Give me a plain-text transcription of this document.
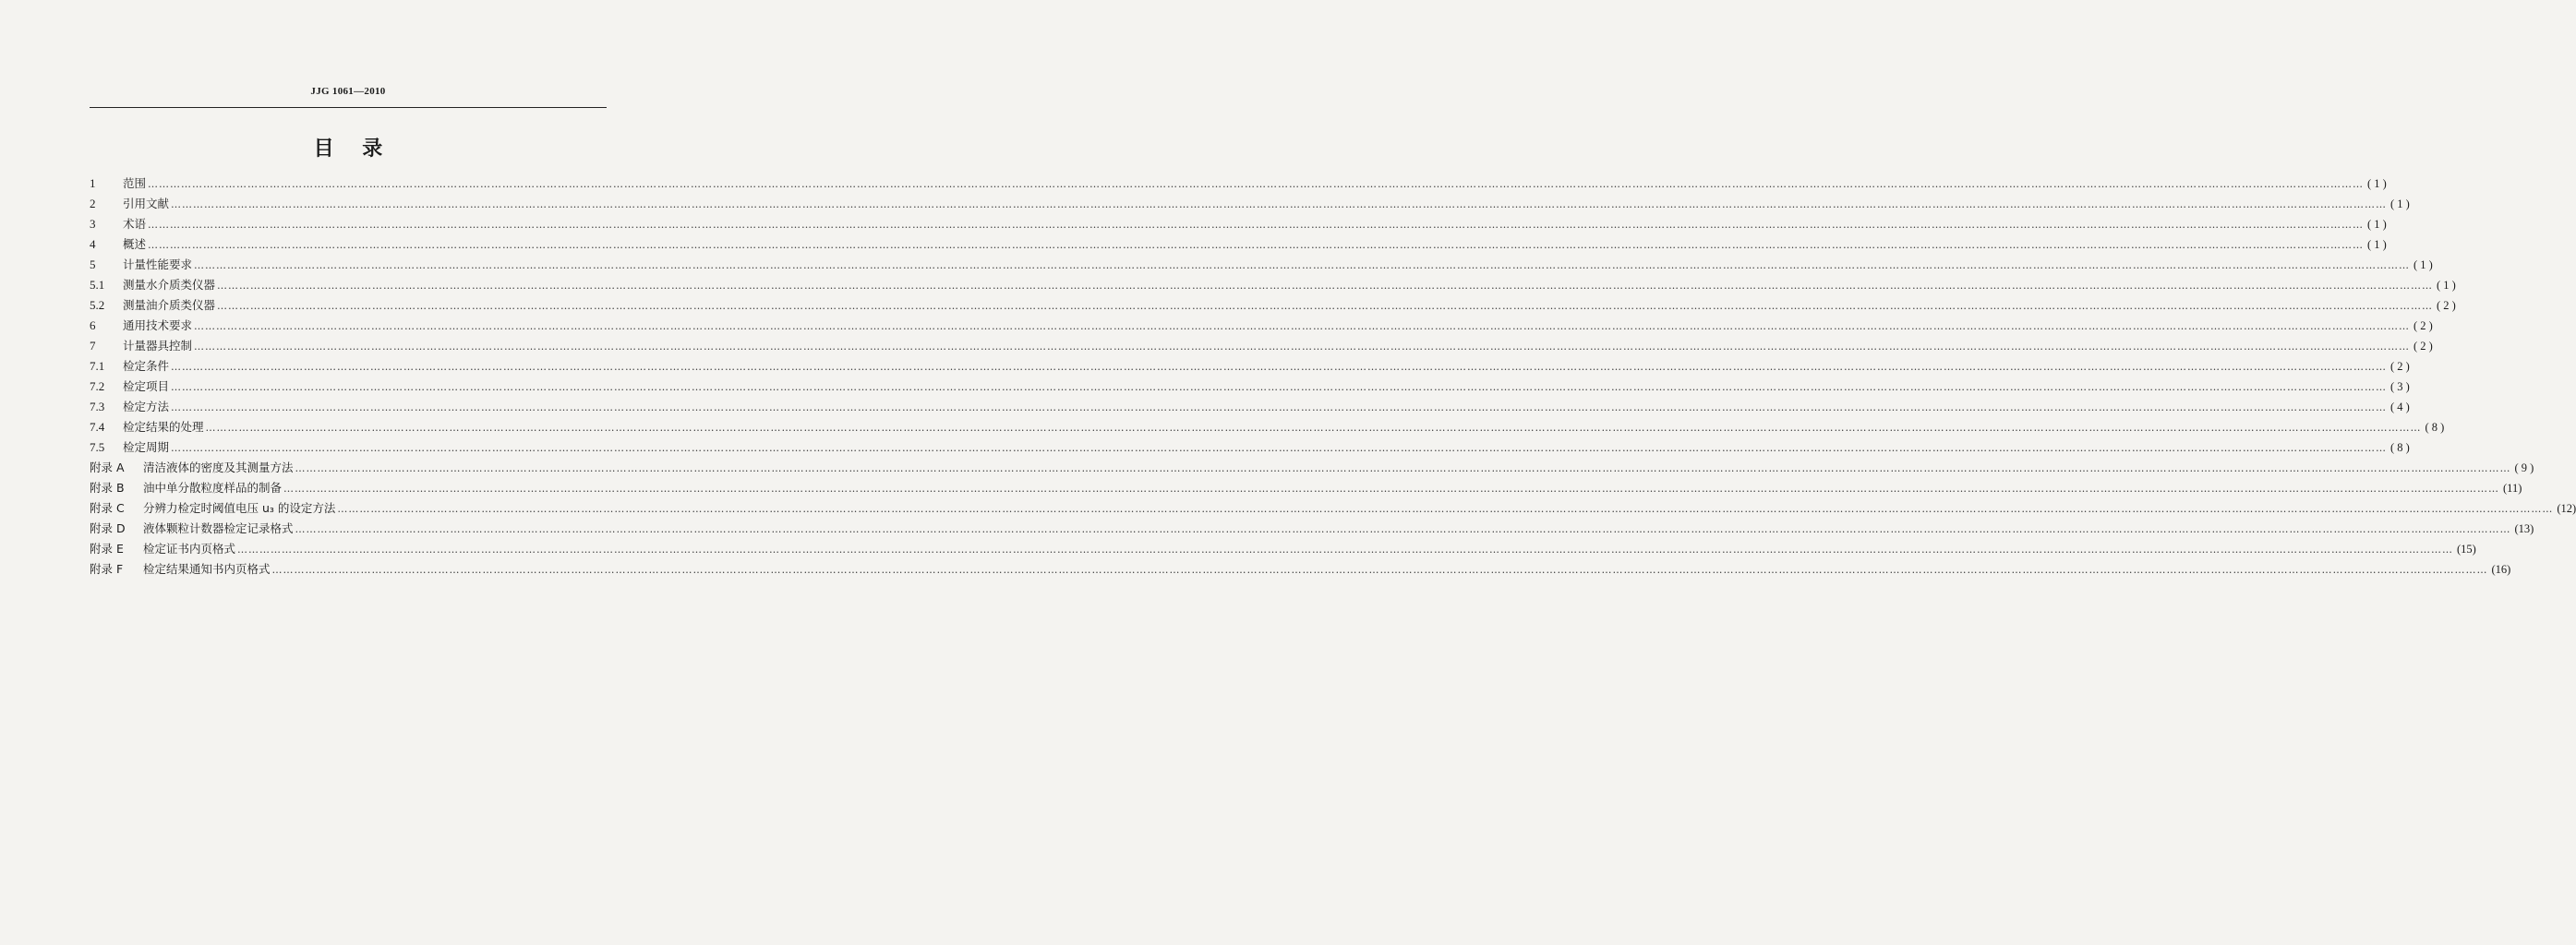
JJG 1061—2010
目    录
1	范围 …………………………………………………………………………………………………………………………………………………………………………………………………………………………………………………………………………………………………………………………………………………………………………………………………………………………………………………………………………………………………………………………………………………… ( 1 )
2	引用文献 …………………………………………………………………………………………………………………………………………………………………………………………………………………………………………………………………………………………………………………………………………………………………………………………………………………………………………………………………………………………………………………………………………………… ( 1 )
3	术语 …………………………………………………………………………………………………………………………………………………………………………………………………………………………………………………………………………………………………………………………………………………………………………………………………………………………………………………………………………………………………………………………………………………… ( 1 )
4	概述 …………………………………………………………………………………………………………………………………………………………………………………………………………………………………………………………………………………………………………………………………………………………………………………………………………………………………………………………………………………………………………………………………………………… ( 1 )
5	计量性能要求 …………………………………………………………………………………………………………………………………………………………………………………………………………………………………………………………………………………………………………………………………………………………………………………………………………………………………………………………………………………………………………………………………………………… ( 1 )
5.1	测量水介质类仪器 …………………………………………………………………………………………………………………………………………………………………………………………………………………………………………………………………………………………………………………………………………………………………………………………………………………………………………………………………………………………………………………………………………………… ( 1 )
5.2	测量油介质类仪器 …………………………………………………………………………………………………………………………………………………………………………………………………………………………………………………………………………………………………………………………………………………………………………………………………………………………………………………………………………………………………………………………………………………… ( 2 )
6	通用技术要求 …………………………………………………………………………………………………………………………………………………………………………………………………………………………………………………………………………………………………………………………………………………………………………………………………………………………………………………………………………………………………………………………………………………… ( 2 )
7	计量器具控制 …………………………………………………………………………………………………………………………………………………………………………………………………………………………………………………………………………………………………………………………………………………………………………………………………………………………………………………………………………………………………………………………………………………… ( 2 )
7.1	检定条件 …………………………………………………………………………………………………………………………………………………………………………………………………………………………………………………………………………………………………………………………………………………………………………………………………………………………………………………………………………………………………………………………………………………… ( 2 )
7.2	检定项目 …………………………………………………………………………………………………………………………………………………………………………………………………………………………………………………………………………………………………………………………………………………………………………………………………………………………………………………………………………………………………………………………………………………… ( 3 )
7.3	检定方法 …………………………………………………………………………………………………………………………………………………………………………………………………………………………………………………………………………………………………………………………………………………………………………………………………………………………………………………………………………………………………………………………………………………… ( 4 )
7.4	检定结果的处理 …………………………………………………………………………………………………………………………………………………………………………………………………………………………………………………………………………………………………………………………………………………………………………………………………………………………………………………………………………………………………………………………………………………… ( 8 )
7.5	检定周期 …………………………………………………………………………………………………………………………………………………………………………………………………………………………………………………………………………………………………………………………………………………………………………………………………………………………………………………………………………………………………………………………………………………… ( 8 )
附录 A	清洁液体的密度及其测量方法 …………………………………………………………………………………………………………………………………………………………………………………………………………………………………………………………………………………………………………………………………………………………………………………………………………………………………………………………………………………………………………………………………………………… ( 9 )
附录 B	油中单分散粒度样品的制备 …………………………………………………………………………………………………………………………………………………………………………………………………………………………………………………………………………………………………………………………………………………………………………………………………………………………………………………………………………………………………………………………………………………… (11)
附录 C	分辨力检定时阈值电压 u₃ 的设定方法 …………………………………………………………………………………………………………………………………………………………………………………………………………………………………………………………………………………………………………………………………………………………………………………………………………………………………………………………………………………………………………………………………………………… (12)
附录 D	液体颗粒计数器检定记录格式 …………………………………………………………………………………………………………………………………………………………………………………………………………………………………………………………………………………………………………………………………………………………………………………………………………………………………………………………………………………………………………………………………………………… (13)
附录 E	检定证书内页格式 …………………………………………………………………………………………………………………………………………………………………………………………………………………………………………………………………………………………………………………………………………………………………………………………………………………………………………………………………………………………………………………………………………………… (15)
附录 F	检定结果通知书内页格式 …………………………………………………………………………………………………………………………………………………………………………………………………………………………………………………………………………………………………………………………………………………………………………………………………………………………………………………………………………………………………………………………………………………… (16)
